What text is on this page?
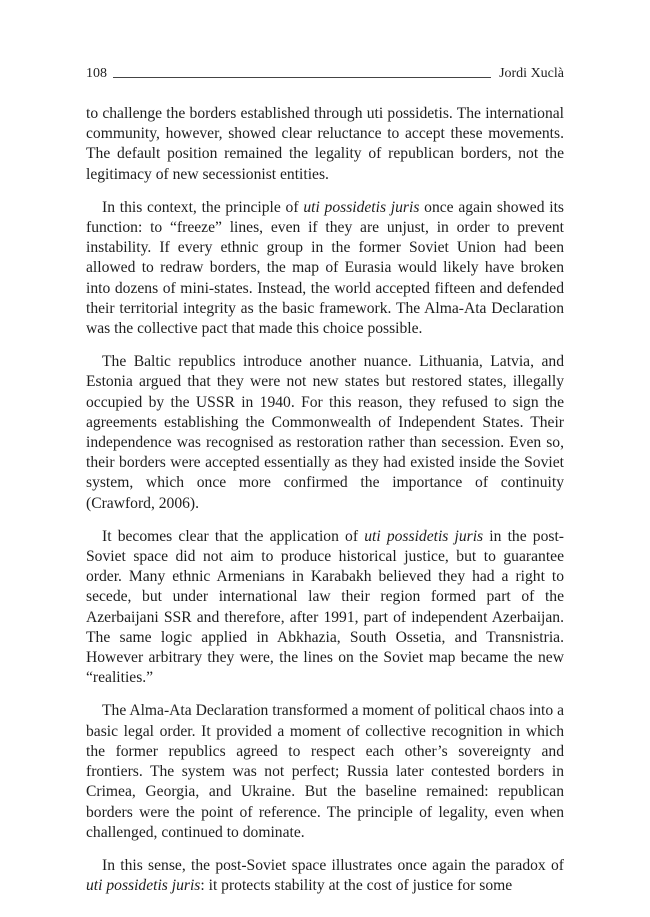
108	Jordi Xuclà

to challenge the borders established through uti possidetis. The international community, however, showed clear reluctance to accept these movements. The default position remained the legality of republican borders, not the legitimacy of new secessionist entities.

In this context, the principle of uti possidetis juris once again showed its function: to “freeze” lines, even if they are unjust, in order to prevent instability. If every ethnic group in the former Soviet Union had been allowed to redraw borders, the map of Eurasia would likely have broken into dozens of mini-states. Instead, the world accepted fifteen and defended their territorial integrity as the basic framework. The Alma-Ata Declaration was the collective pact that made this choice possible.

The Baltic republics introduce another nuance. Lithuania, Latvia, and Estonia argued that they were not new states but restored states, illegally occupied by the USSR in 1940. For this reason, they refused to sign the agreements establishing the Commonwealth of Independent States. Their independence was recognised as restoration rather than secession. Even so, their borders were accepted essentially as they had existed inside the Soviet system, which once more confirmed the importance of continuity (Crawford, 2006).

It becomes clear that the application of uti possidetis juris in the post-Soviet space did not aim to produce historical justice, but to guarantee order. Many ethnic Armenians in Karabakh believed they had a right to secede, but under international law their region formed part of the Azerbaijani SSR and therefore, after 1991, part of independent Azerbaijan. The same logic applied in Abkhazia, South Ossetia, and Transnistria. However arbitrary they were, the lines on the Soviet map became the new “realities.”

The Alma-Ata Declaration transformed a moment of political chaos into a basic legal order. It provided a moment of collective recognition in which the former republics agreed to respect each other’s sovereignty and frontiers. The system was not perfect; Russia later contested borders in Crimea, Georgia, and Ukraine. But the baseline remained: republican borders were the point of reference. The principle of legality, even when challenged, continued to dominate.

In this sense, the post-Soviet space illustrates once again the paradox of uti possidetis juris: it protects stability at the cost of justice for some
